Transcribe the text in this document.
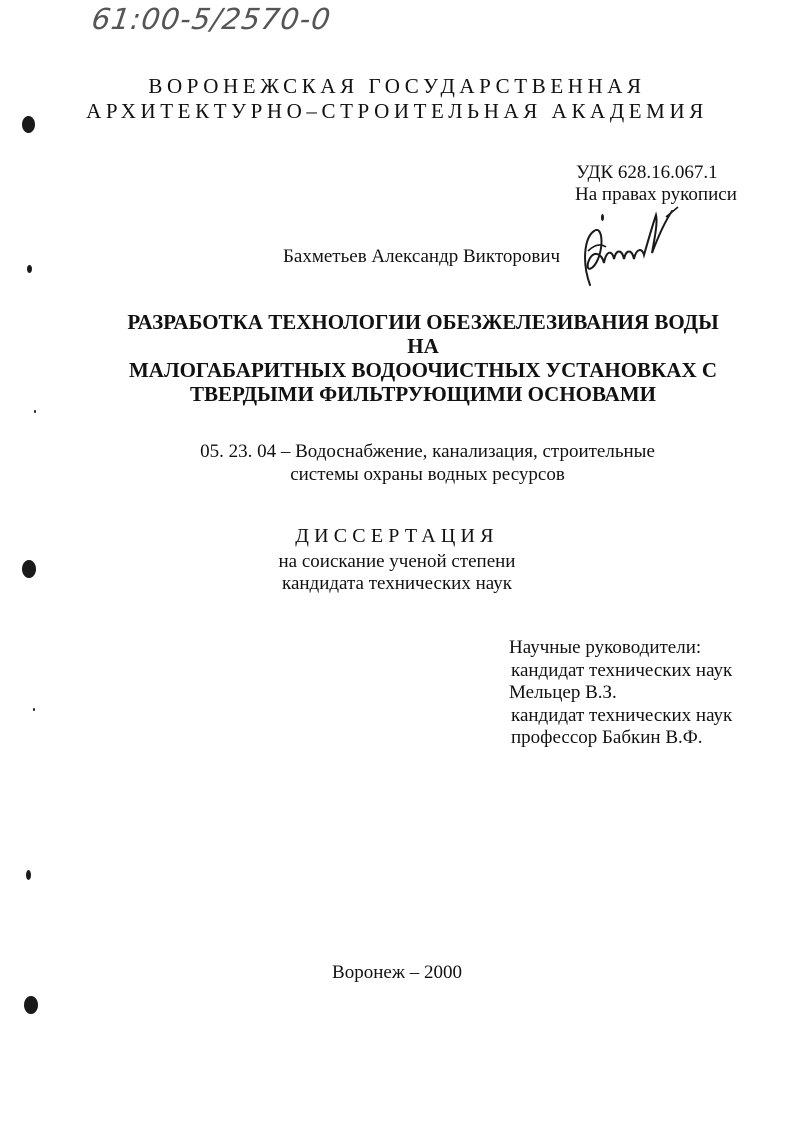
61:00-5/2570-0
ВОРОНЕЖСКАЯ ГОСУДАРСТВЕННАЯ
АРХИТЕКТУРНО–СТРОИТЕЛЬНАЯ АКАДЕМИЯ
УДК 628.16.067.1
На правах рукописи
Бахметьев Александр Викторович
РАЗРАБОТКА ТЕХНОЛОГИИ ОБЕЗЖЕЛЕЗИВАНИЯ ВОДЫ НА
МАЛОГАБАРИТНЫХ ВОДООЧИСТНЫХ УСТАНОВКАХ С
ТВЕРДЫМИ ФИЛЬТРУЮЩИМИ ОСНОВАМИ
05. 23. 04 – Водоснабжение, канализация, строительные
системы охраны водных ресурсов
ДИССЕРТАЦИЯ
на соискание ученой степени
кандидата технических наук
Научные руководители:
кандидат технических наук
Мельцер В.З.
кандидат технических наук
профессор Бабкин В.Ф.
Воронеж – 2000
